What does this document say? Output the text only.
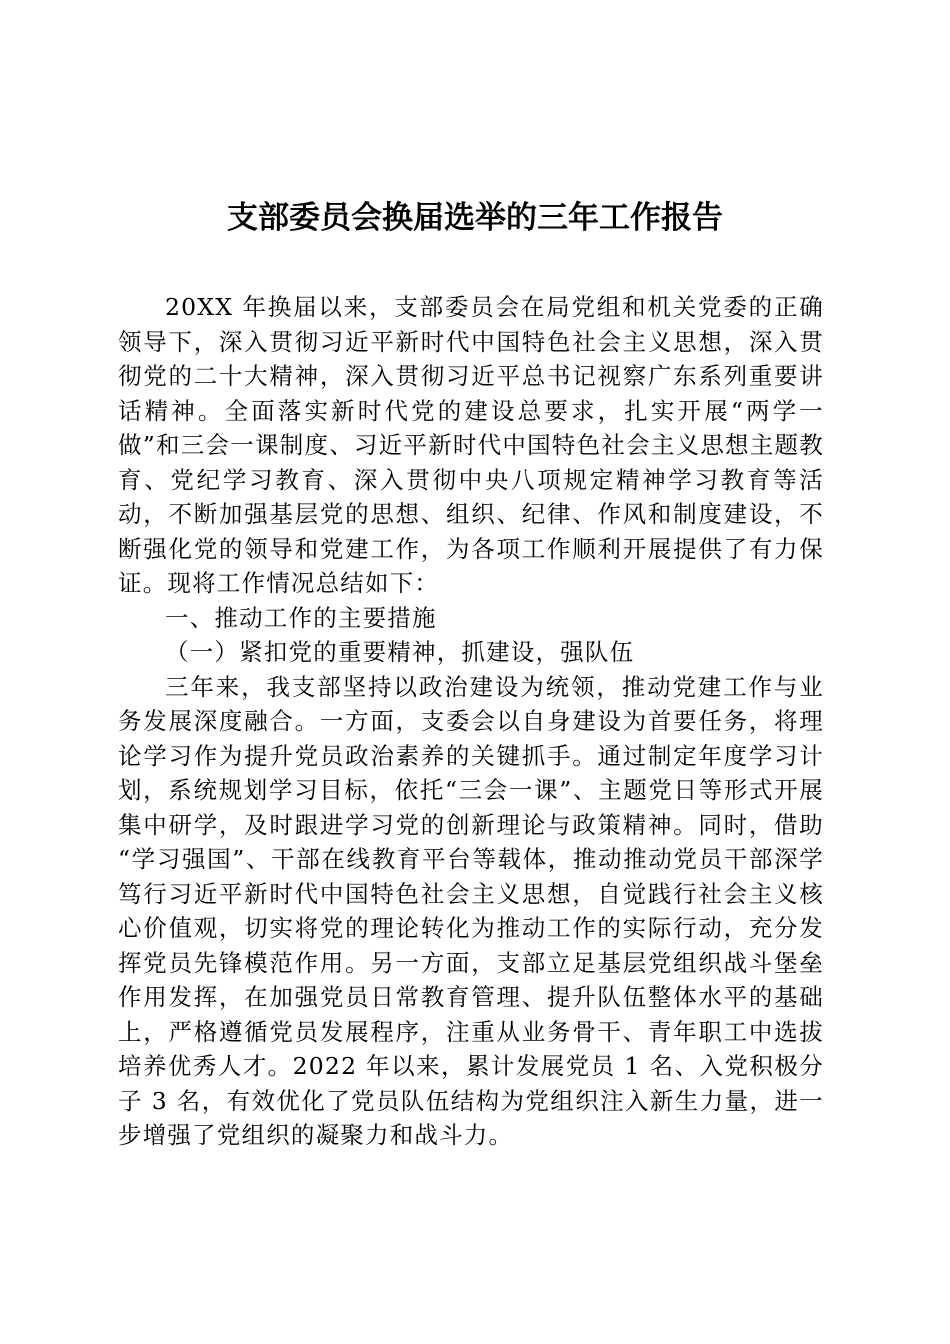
支部委员会换届选举的三年工作报告

20XX 年换届以来，支部委员会在局党组和机关党委的正确领导下，深入贯彻习近平新时代中国特色社会主义思想，深入贯彻党的二十大精神，深入贯彻习近平总书记视察广东系列重要讲话精神。全面落实新时代党的建设总要求，扎实开展“两学一做”和三会一课制度、习近平新时代中国特色社会主义思想主题教育、党纪学习教育、深入贯彻中央八项规定精神学习教育等活动，不断加强基层党的思想、组织、纪律、作风和制度建设，不断强化党的领导和党建工作，为各项工作顺利开展提供了有力保证。现将工作情况总结如下：

一、推动工作的主要措施

（一）紧扣党的重要精神，抓建设，强队伍

三年来，我支部坚持以政治建设为统领，推动党建工作与业务发展深度融合。一方面，支委会以自身建设为首要任务，将理论学习作为提升党员政治素养的关键抓手。通过制定年度学习计划，系统规划学习目标，依托“三会一课”、主题党日等形式开展集中研学，及时跟进学习党的创新理论与政策精神。同时，借助 “学习强国”、干部在线教育平台等载体，推动推动党员干部深学笃行习近平新时代中国特色社会主义思想，自觉践行社会主义核心价值观，切实将党的理论转化为推动工作的实际行动，充分发挥党员先锋模范作用。另一方面，支部立足基层党组织战斗堡垒作用发挥，在加强党员日常教育管理、提升队伍整体水平的基础上，严格遵循党员发展程序，注重从业务骨干、青年职工中选拔培养优秀人才。2022 年以来，累计发展党员 1 名、入党积极分子 3 名，有效优化了党员队伍结构为党组织注入新生力量，进一步增强了党组织的凝聚力和战斗力。
